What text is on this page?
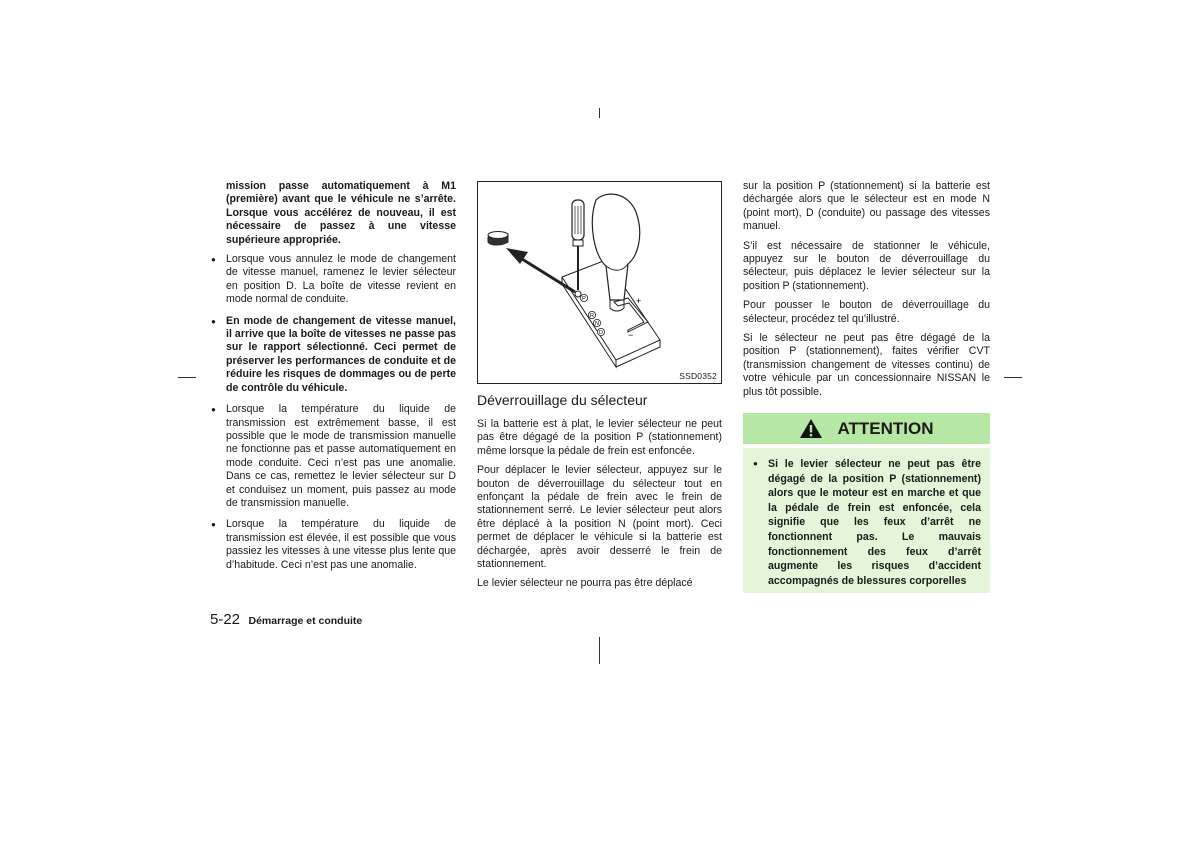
mission passe automatiquement à M1 (première) avant que le véhicule ne s’arrête. Lorsque vous accélérez de nouveau, il est nécessaire de passez à une vitesse supérieure appropriée.

● Lorsque vous annulez le mode de changement de vitesse manuel, ramenez le levier sélecteur en position D. La boîte de vitesse revient en mode normal de conduite.
● En mode de changement de vitesse manuel, il arrive que la boîte de vitesses ne passe pas sur le rapport sélectionné. Ceci permet de préserver les performances de conduite et de réduire les risques de dommages ou de perte de contrôle du véhicule.
● Lorsque la température du liquide de transmission est extrêmement basse, il est possible que le mode de transmission manuelle ne fonctionne pas et passe automatiquement en mode conduite. Ceci n’est pas une anomalie. Dans ce cas, remettez le levier sélecteur sur D et conduisez un moment, puis passez au mode de transmission manuelle.
● Lorsque la température du liquide de transmission est élevée, il est possible que vous passiez les vitesses à une vitesse plus lente que d’habitude. Ceci n’est pas une anomalie.
+
−
P
R
N
D
SSD0352
Déverrouillage du sélecteur

Si la batterie est à plat, le levier sélecteur ne peut pas être dégagé de la position P (stationnement) même lorsque la pédale de frein est enfoncée.

Pour déplacer le levier sélecteur, appuyez sur le bouton de déverrouillage du sélecteur tout en enfonçant la pédale de frein avec le frein de stationnement serré. Le levier sélecteur peut alors être déplacé à la position N (point mort). Ceci permet de déplacer le véhicule si la batterie est déchargée, après avoir desserré le frein de stationnement.

Le levier sélecteur ne pourra pas être déplacé

sur la position P (stationnement) si la batterie est déchargée alors que le sélecteur est en mode N (point mort), D (conduite) ou passage des vitesses manuel.

S’il est nécessaire de stationner le véhicule, appuyez sur le bouton de déverrouillage du sélecteur, puis déplacez le levier sélecteur sur la position P (stationnement).

Pour pousser le bouton de déverrouillage du sélecteur, procédez tel qu’illustré.

Si le sélecteur ne peut pas être dégagé de la position P (stationnement), faites vérifier CVT (transmission changement de vitesses continu) de votre véhicule par un concessionnaire NISSAN le plus tôt possible.

ATTENTION
● Si le levier sélecteur ne peut pas être dégagé de la position P (stationnement) alors que le moteur est en marche et que la pédale de frein est enfoncée, cela signifie que les feux d’arrêt ne fonctionnent pas. Le mauvais fonctionnement des feux d’arrêt augmente les risques d’accident accompagnés de blessures corporelles
5-22 Démarrage et conduite
